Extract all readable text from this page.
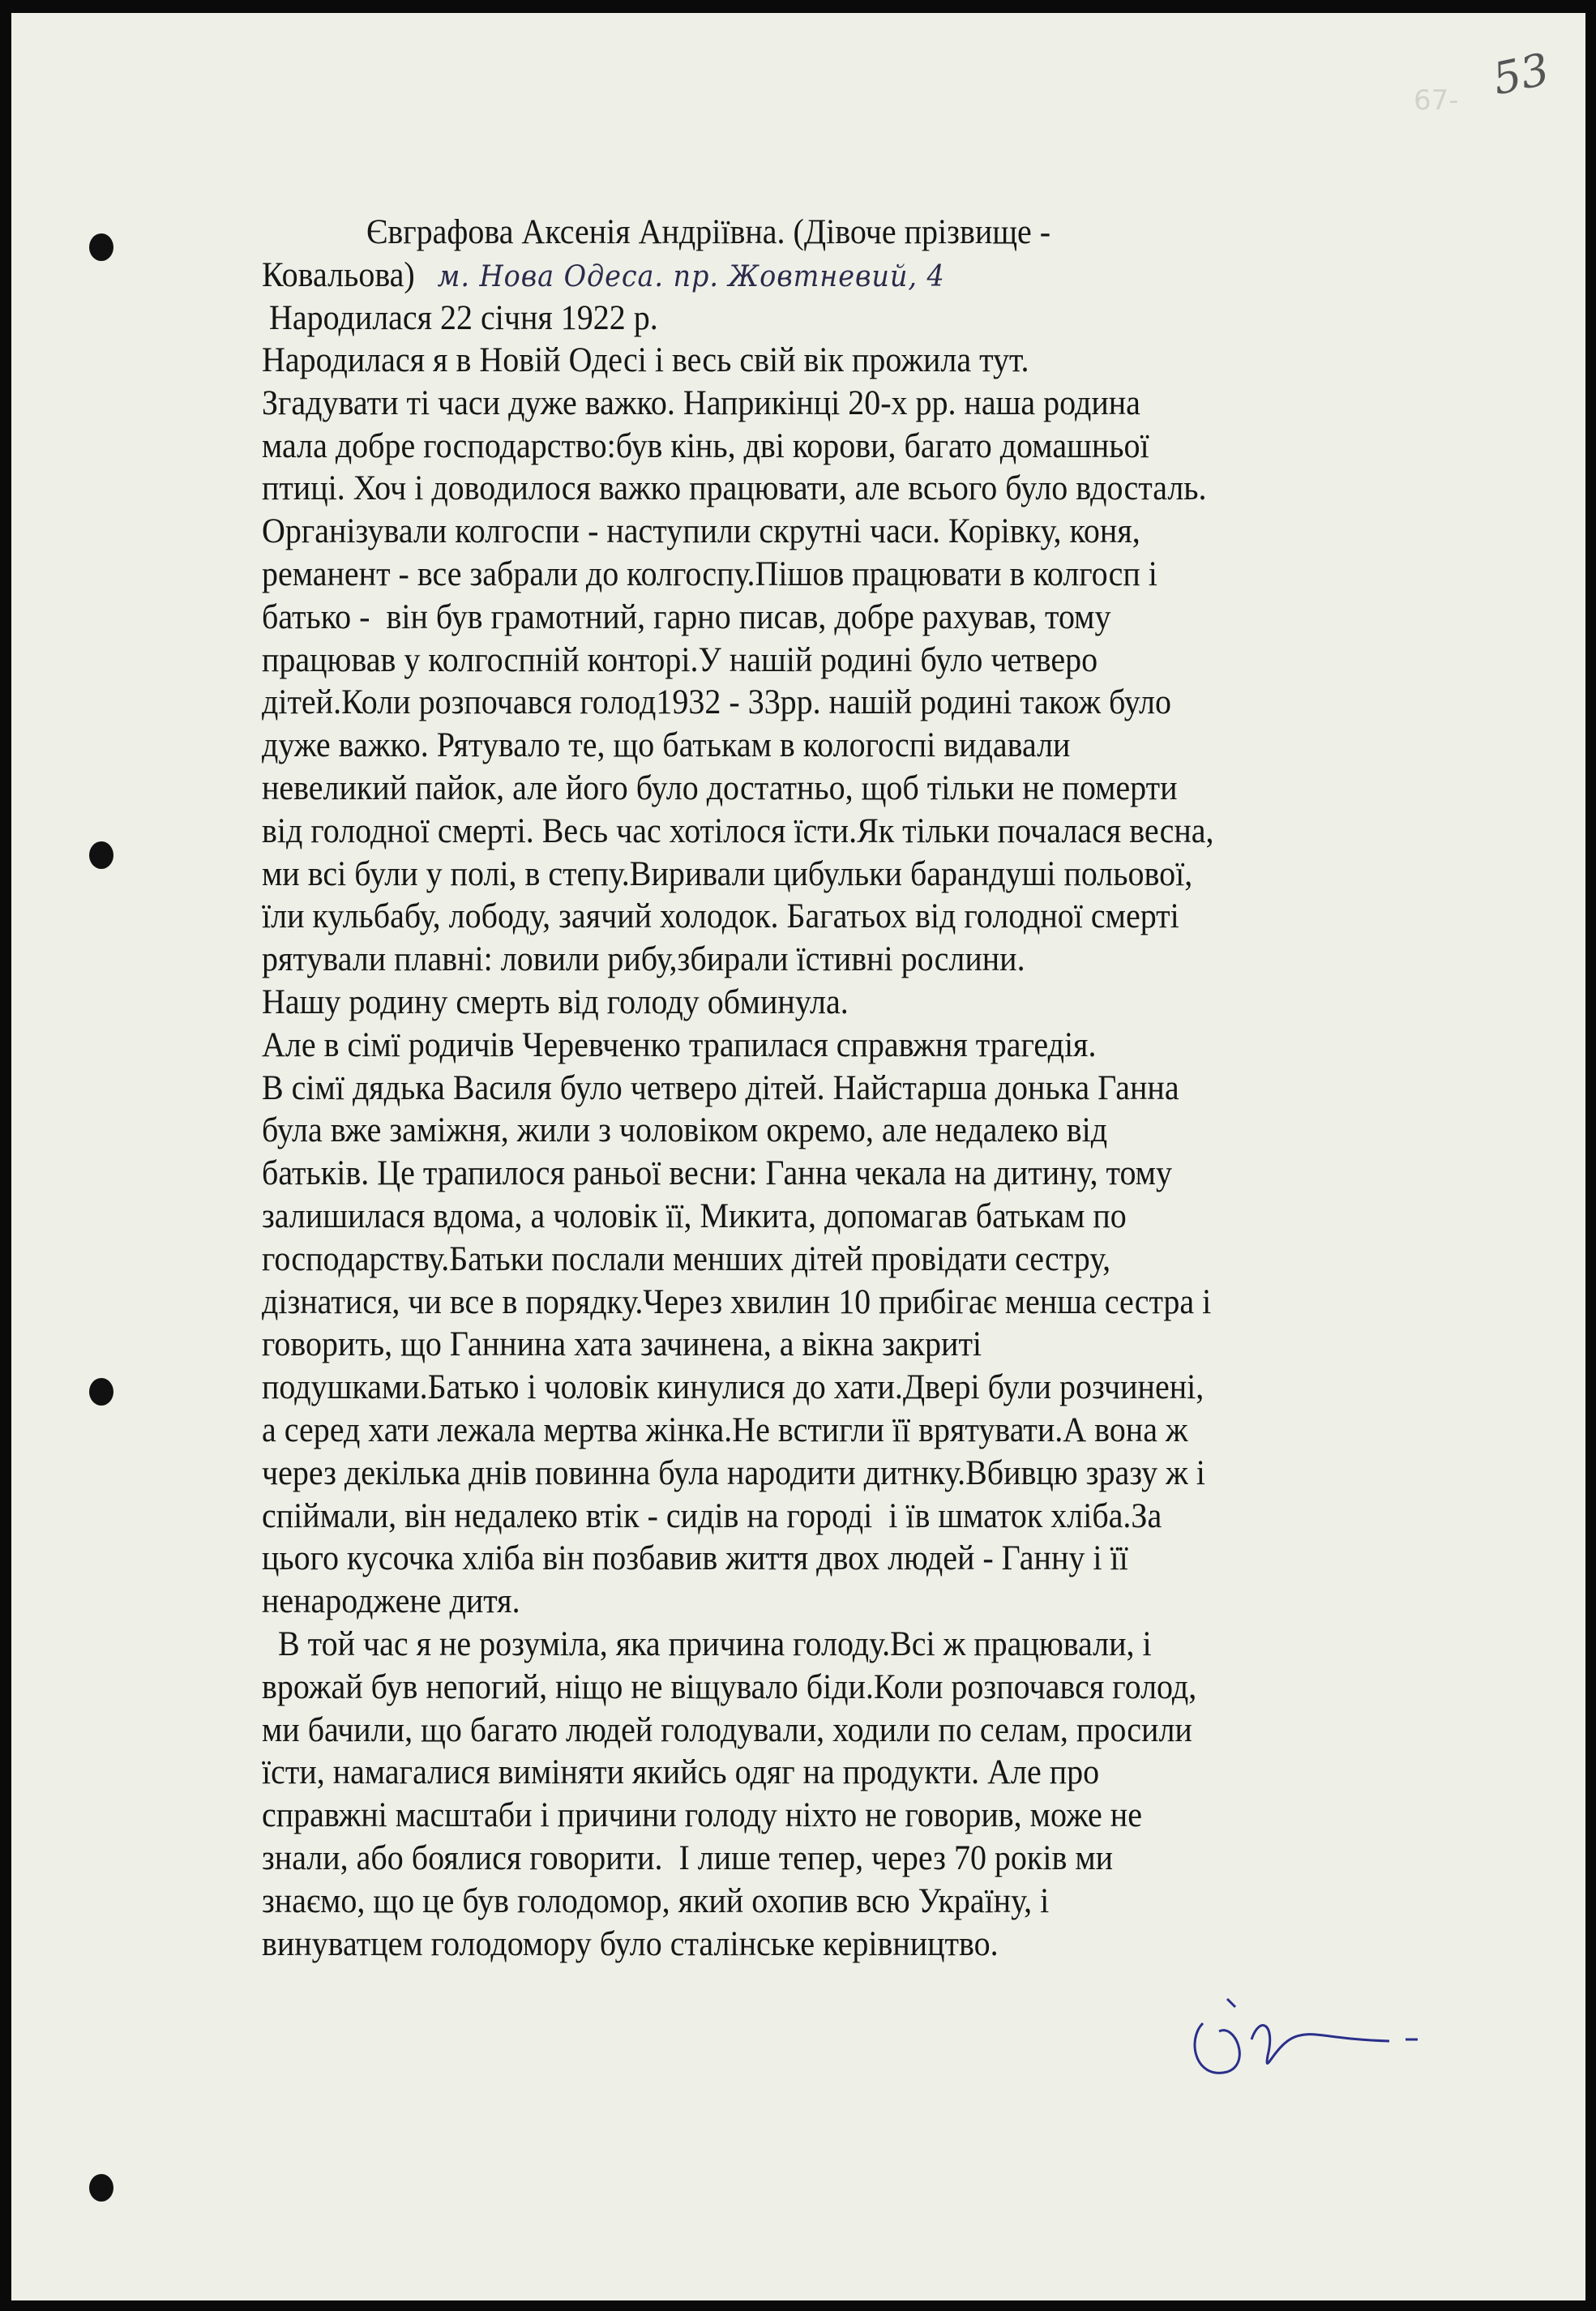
67- 53
Євграфова Аксенія Андріївна. (Дівоче прізвище -
Ковальова) м. Нова Одеса. пр. Жовтневий, 4
Народилася 22 січня 1922 р.
Народилася я в Новій Одесі і весь свій вік прожила тут.
Згадувати ті часи дуже важко. Наприкінці 20-х рр. наша родина
мала добре господарство:був кінь, дві корови, багато домашньої
птиці. Хоч і доводилося важко працювати, але всього було вдосталь.
Організували колгоспи - наступили скрутні часи. Корівку, коня,
реманент - все забрали до колгоспу.Пішов працювати в колгосп і
батько -  він був грамотний, гарно писав, добре рахував, тому
працював у колгоспній конторі.У нашій родині було четверо
дітей.Коли розпочався голод1932 - 33рр. нашій родині також було
дуже важко. Рятувало те, що батькам в кологоспі видавали
невеликий пайок, але його було достатньо, щоб тільки не померти
від голодної смерті. Весь час хотілося їсти.Як тільки почалася весна,
ми всі були у полі, в степу.Виривали цибульки барандуші польової,
їли кульбабу, лободу, заячий холодок. Багатьох від голодної смерті
рятували плавні: ловили рибу,збирали їстивні рослини.
Нашу родину смерть від голоду обминула.
Але в сімї родичів Черевченко трапилася справжня трагедія.
В сімї дядька Василя було четверо дітей. Найстарша донька Ганна
була вже заміжня, жили з чоловіком окремо, але недалеко від
батьків. Це трапилося раньої весни: Ганна чекала на дитину, тому
залишилася вдома, а чоловік її, Микита, допомагав батькам по
господарству.Батьки послали менших дітей провідати сестру,
дізнатися, чи все в порядку.Через хвилин 10 прибігає менша сестра і
говорить, що Ганнина хата зачинена, а вікна закриті
подушками.Батько і чоловік кинулися до хати.Двері були розчинені,
а серед хати лежала мертва жінка.Не встигли її врятувати.А вона ж
через декілька днів повинна була народити дитнку.Вбивцю зразу ж і
спіймали, він недалеко втік - сидів на городі  і їв шматок хліба.За
цього кусочка хліба він позбавив життя двох людей - Ганну і її
ненароджене дитя.
В той час я не розуміла, яка причина голоду.Всі ж працювали, і
врожай був непогий, ніщо не віщувало біди.Коли розпочався голод,
ми бачили, що багато людей голодували, ходили по селам, просили
їсти, намагалися виміняти якийсь одяг на продукти. Але про
справжні масштаби і причини голоду ніхто не говорив, може не
знали, або боялися говорити.  І лише тепер, через 70 років ми
знаємо, що це був голодомор, який охопив всю Україну, і
винуватцем голодомору було сталінське керівництво.
